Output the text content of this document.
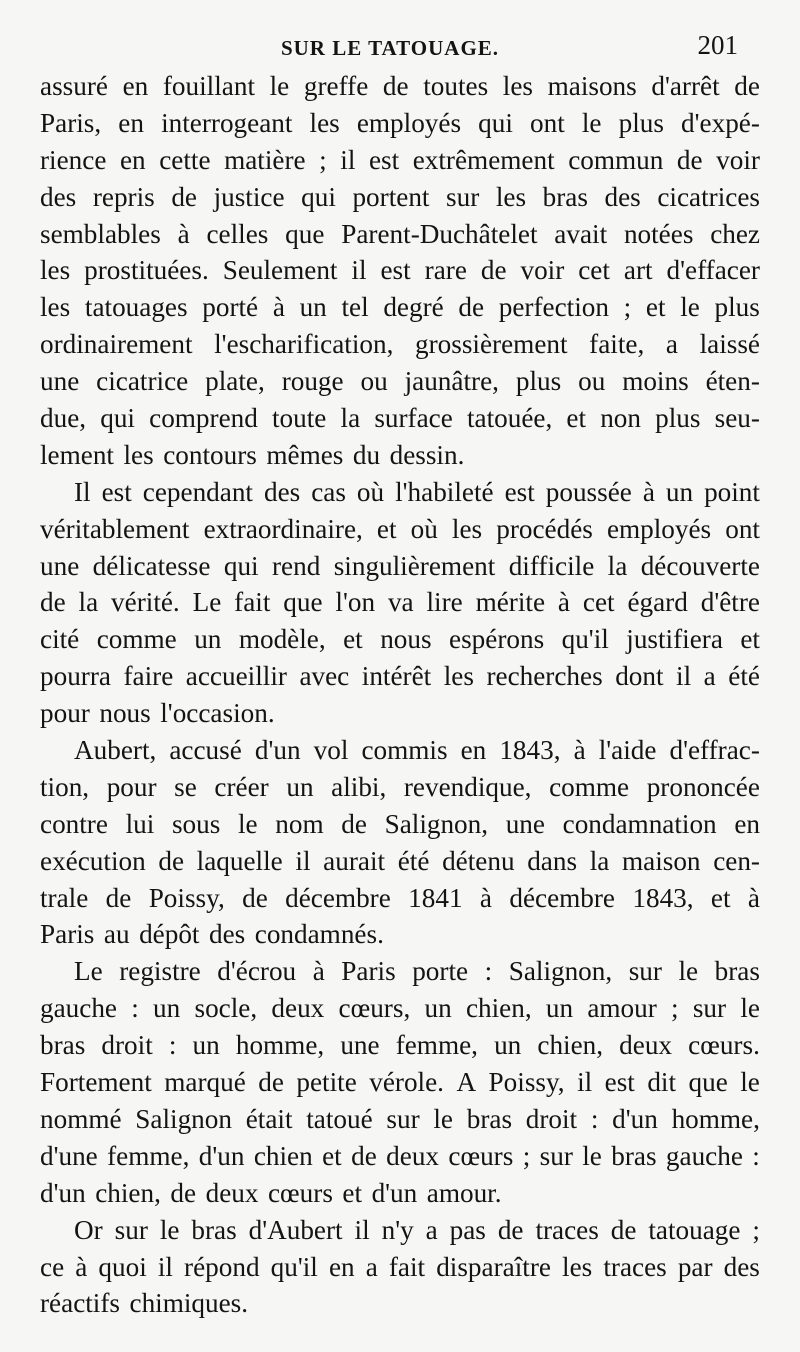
SUR LE TATOUAGE.	201
assuré en fouillant le greffe de toutes les maisons d'arrêt de
Paris, en interrogeant les employés qui ont le plus d'expé-
rience en cette matière ; il est extrêmement commun de voir
des repris de justice qui portent sur les bras des cicatrices
semblables à celles que Parent-Duchâtelet avait notées chez
les prostituées. Seulement il est rare de voir cet art d'effacer
les tatouages porté à un tel degré de perfection ; et le plus
ordinairement l'escharification, grossièrement faite, a laissé
une cicatrice plate, rouge ou jaunâtre, plus ou moins éten-
due, qui comprend toute la surface tatouée, et non plus seu-
lement les contours mêmes du dessin.
Il est cependant des cas où l'habileté est poussée à un point
véritablement extraordinaire, et où les procédés employés ont
une délicatesse qui rend singulièrement difficile la découverte
de la vérité. Le fait que l'on va lire mérite à cet égard d'être
cité comme un modèle, et nous espérons qu'il justifiera et
pourra faire accueillir avec intérêt les recherches dont il a été
pour nous l'occasion.
Aubert, accusé d'un vol commis en 1843, à l'aide d'effrac-
tion, pour se créer un alibi, revendique, comme prononcée
contre lui sous le nom de Salignon, une condamnation en
exécution de laquelle il aurait été détenu dans la maison cen-
trale de Poissy, de décembre 1841 à décembre 1843, et à
Paris au dépôt des condamnés.
Le registre d'écrou à Paris porte : Salignon, sur le bras
gauche : un socle, deux cœurs, un chien, un amour ; sur le
bras droit : un homme, une femme, un chien, deux cœurs.
Fortement marqué de petite vérole. A Poissy, il est dit que le
nommé Salignon était tatoué sur le bras droit : d'un homme,
d'une femme, d'un chien et de deux cœurs ; sur le bras gauche :
d'un chien, de deux cœurs et d'un amour.
Or sur le bras d'Aubert il n'y a pas de traces de tatouage ;
ce à quoi il répond qu'il en a fait disparaître les traces par des
réactifs chimiques.
